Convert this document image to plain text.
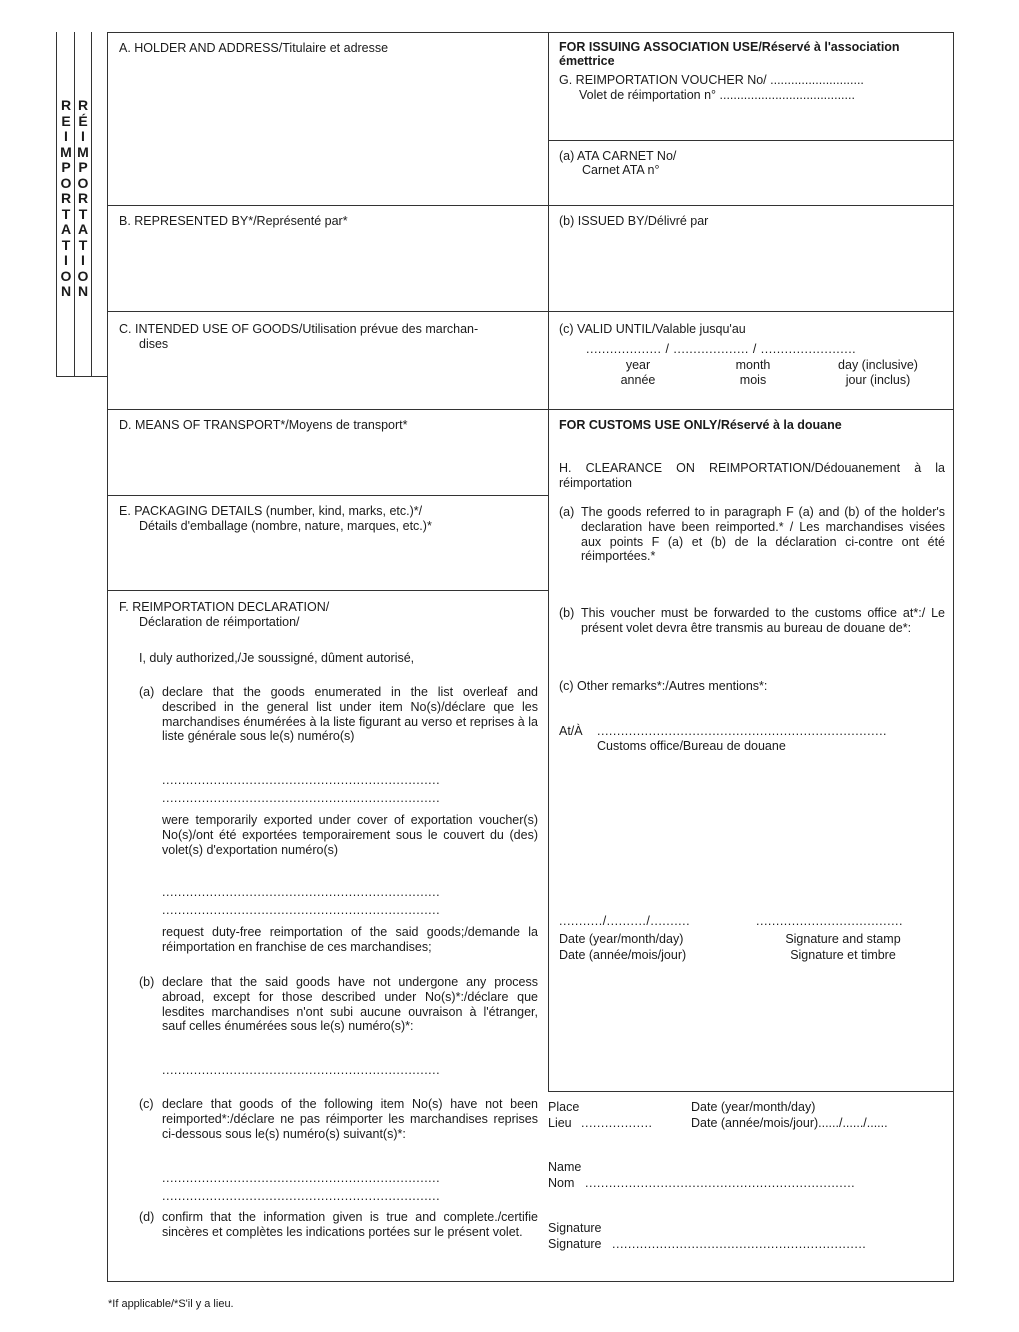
R
E
I
M
P
O
R
T
A
T
I
O
N
R
É
I
M
P
O
R
T
A
T
I
O
N
A. HOLDER AND ADDRESS/Titulaire et adresse
B. REPRESENTED BY*/Représenté par*
C. INTENDED USE OF GOODS/Utilisation prévue des marchan-
dises
D. MEANS OF TRANSPORT*/Moyens de transport*
E. PACKAGING DETAILS (number, kind, marks, etc.)*/
Détails d'emballage (nombre, nature, marques, etc.)*
F. REIMPORTATION DECLARATION/
Déclaration de réimportation/
I, duly authorized,/Je soussigné, dûment autorisé,
(a) declare that the goods enumerated in the list overleaf and described in the general list under item No(s)/déclare que les marchandises énumérées à la liste figurant au verso et reprises à la liste générale sous le(s) numéro(s)
......................................................................
......................................................................
were temporarily exported under cover of exportation voucher(s) No(s)/ont été exportées temporairement sous le couvert du (des) volet(s) d'exportation numéro(s)
......................................................................
......................................................................
request duty-free reimportation of the said goods;/demande la réimportation en franchise de ces marchandises;
(b) declare that the said goods have not undergone any process abroad, except for those described under No(s)*:/déclare que lesdites marchandises n'ont subi aucune ouvraison à l'étranger, sauf celles énumérées sous le(s) numéro(s)*:
......................................................................
(c) declare that goods of the following item No(s) have not been reimported*:/déclare ne pas réimporter les marchandises reprises ci-dessous sous le(s) numéro(s) suivant(s)*:
......................................................................
......................................................................
(d) confirm that the information given is true and complete./certifie sincères et complètes les indications portées sur le présent volet.
FOR ISSUING ASSOCIATION USE/Réservé à l'association
émettrice
G. REIMPORTATION VOUCHER No/ ...........................
Volet de réimportation n° .......................................
(a) ATA CARNET No/
Carnet ATA n°
(b) ISSUED BY/Délivré par
(c) VALID UNTIL/Valable jusqu'au
................... / ................... / ........................
year
année
month
mois
day (inclusive)
jour (inclus)
FOR CUSTOMS USE ONLY/Réservé à la douane
H. CLEARANCE ON REIMPORTATION/Dédouanement à la réimportation
(a) The goods referred to in paragraph F (a) and (b) of the holder's declaration have been reimported.* / Les marchandises visées aux points F (a) et (b) de la déclaration ci-contre ont été réimportées.*
(b) This voucher must be forwarded to the customs office at*:/ Le présent volet devra être transmis au bureau de douane de*:
(c) Other remarks*:/Autres mentions*:
At/À .........................................................................
Customs office/Bureau de douane
.........../........../..........	.....................................
Date (year/month/day)
Date (année/mois/jour)
Signature and stamp
Signature et timbre
Place
Lieu ..................
Date (year/month/day)
Date (année/mois/jour)....../....../......
Name
Nom ....................................................................
Signature
Signature ................................................................
*If applicable/*S'il y a lieu.
